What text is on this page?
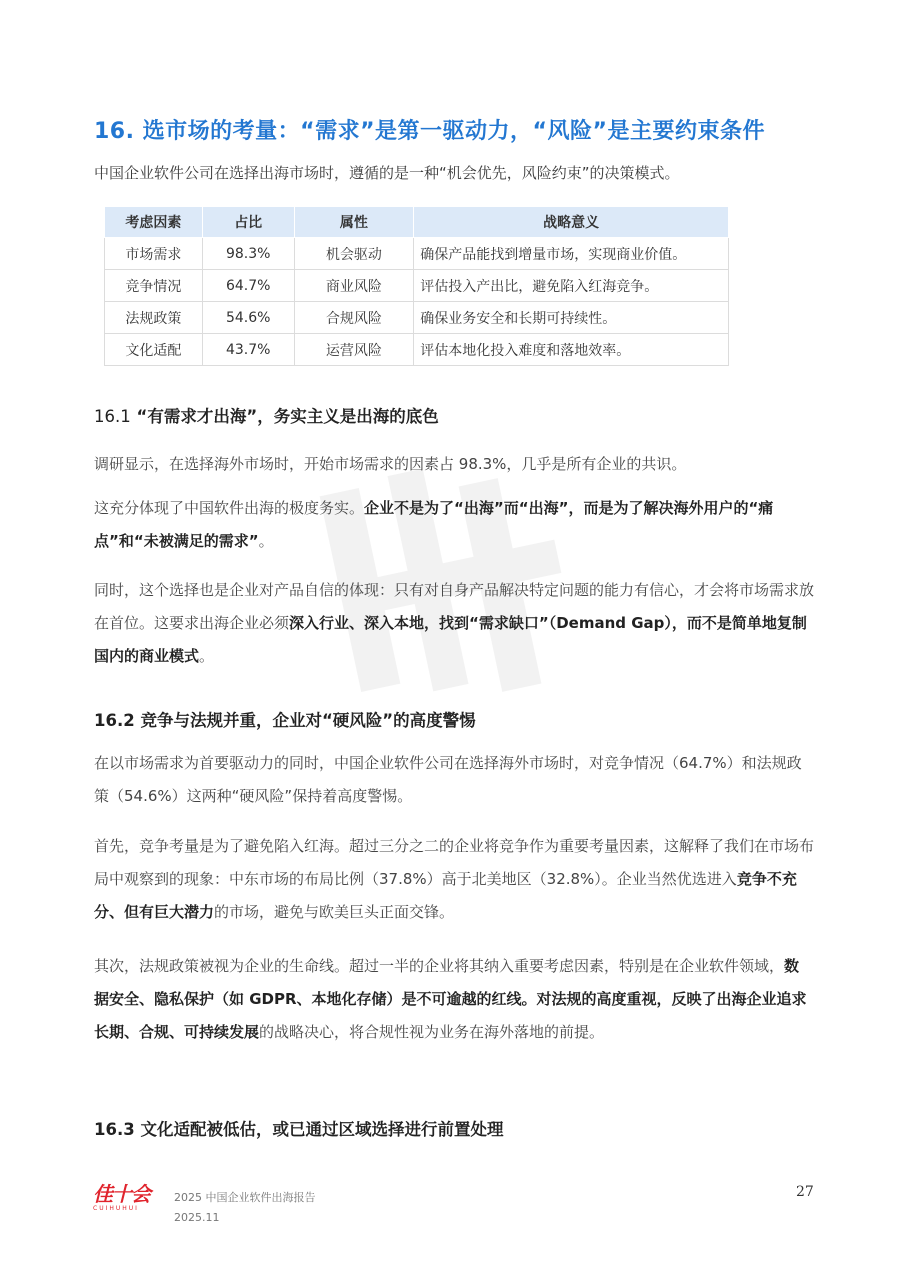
16. 选市场的考量：“需求”是第一驱动力，“风险”是主要约束条件

中国企业软件公司在选择出海市场时，遵循的是一种“机会优先，风险约束”的决策模式。

考虑因素	占比	属性	战略意义
市场需求	98.3%	机会驱动	确保产品能找到增量市场，实现商业价值。
竞争情况	64.7%	商业风险	评估投入产出比，避免陷入红海竞争。
法规政策	54.6%	合规风险	确保业务安全和长期可持续性。
文化适配	43.7%	运营风险	评估本地化投入难度和落地效率。
16.1 “有需求才出海”，务实主义是出海的底色

调研显示，在选择海外市场时，开始市场需求的因素占 98.3%，几乎是所有企业的共识。

这充分体现了中国软件出海的极度务实。企业不是为了“出海”而“出海”，而是为了解决海外用户的“痛点”和“未被满足的需求”。

同时，这个选择也是企业对产品自信的体现：只有对自身产品解决特定问题的能力有信心，才会将市场需求放在首位。这要求出海企业必须深入行业、深入本地，找到“需求缺口”（Demand Gap），而不是简单地复制国内的商业模式。

16.2 竞争与法规并重，企业对“硬风险”的高度警惕

在以市场需求为首要驱动力的同时，中国企业软件公司在选择海外市场时，对竞争情况（64.7%）和法规政策（54.6%）这两种“硬风险”保持着高度警惕。

首先，竞争考量是为了避免陷入红海。超过三分之二的企业将竞争作为重要考量因素，这解释了我们在市场布局中观察到的现象：中东市场的布局比例（37.8%）高于北美地区（32.8%）。企业当然优选进入竞争不充分、但有巨大潜力的市场，避免与欧美巨头正面交锋。

其次，法规政策被视为企业的生命线。超过一半的企业将其纳入重要考虑因素，特别是在企业软件领域，数据安全、隐私保护（如 GDPR、本地化存储）是不可逾越的红线。对法规的高度重视，反映了出海企业追求长期、合规、可持续发展的战略决心，将合规性视为业务在海外落地的前提。

16.3 文化适配被低估，或已通过区域选择进行前置处理
佳十会
CUIHUHUI
2025 中国企业软件出海报告
2025.11
27
